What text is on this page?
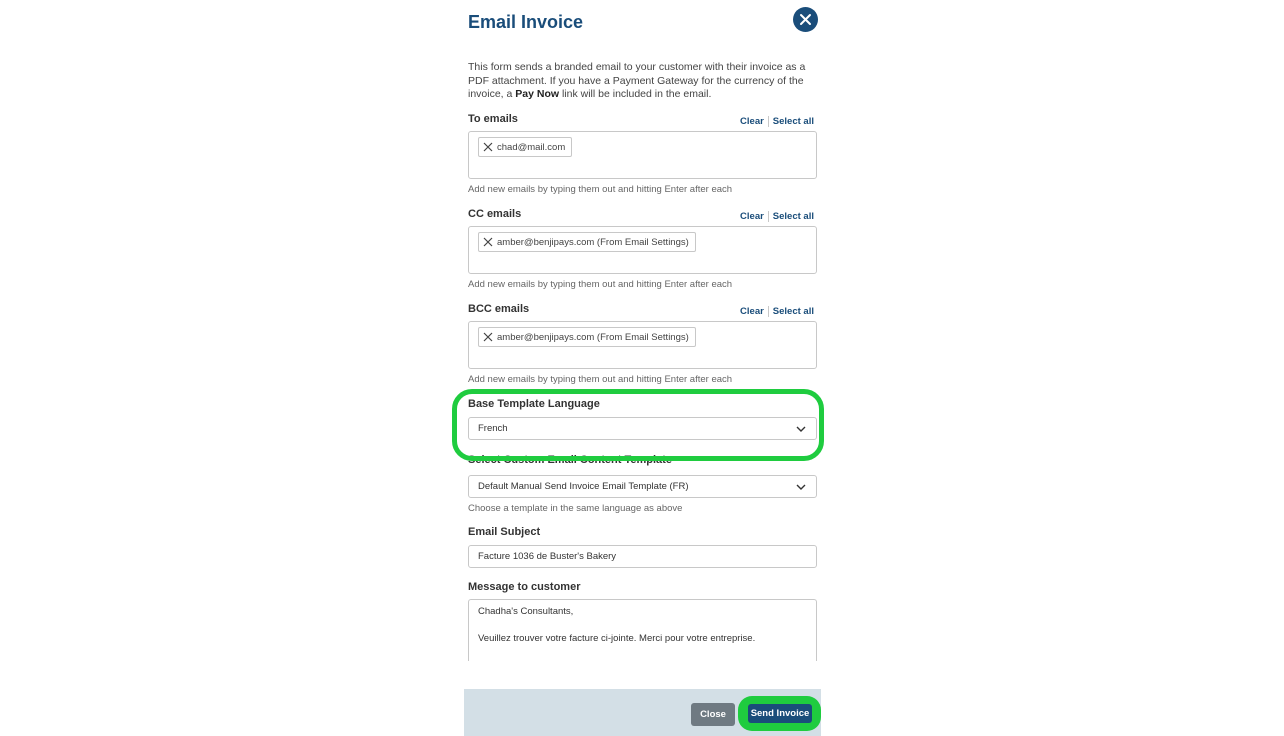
Email Invoice

This form sends a branded email to your customer with their invoice as a PDF attachment. If you have a Payment Gateway for the currency of the invoice, a Pay Now link will be included in the email.

To emails	Clear Select all
chad@mail.com
Add new emails by typing them out and hitting Enter after each
CC emails	Clear Select all
amber@benjipays.com (From Email Settings)
Add new emails by typing them out and hitting Enter after each
BCC emails	Clear Select all
amber@benjipays.com (From Email Settings)
Add new emails by typing them out and hitting Enter after each
Base Template Language
French
Select Custom Email Content Template
Default Manual Send Invoice Email Template (FR)
Choose a template in the same language as above
Email Subject
Facture 1036 de Buster's Bakery
Message to customer

Chadha's Consultants,

Veuillez trouver votre facture ci-jointe. Merci pour votre entreprise.

Close	Send Invoice
